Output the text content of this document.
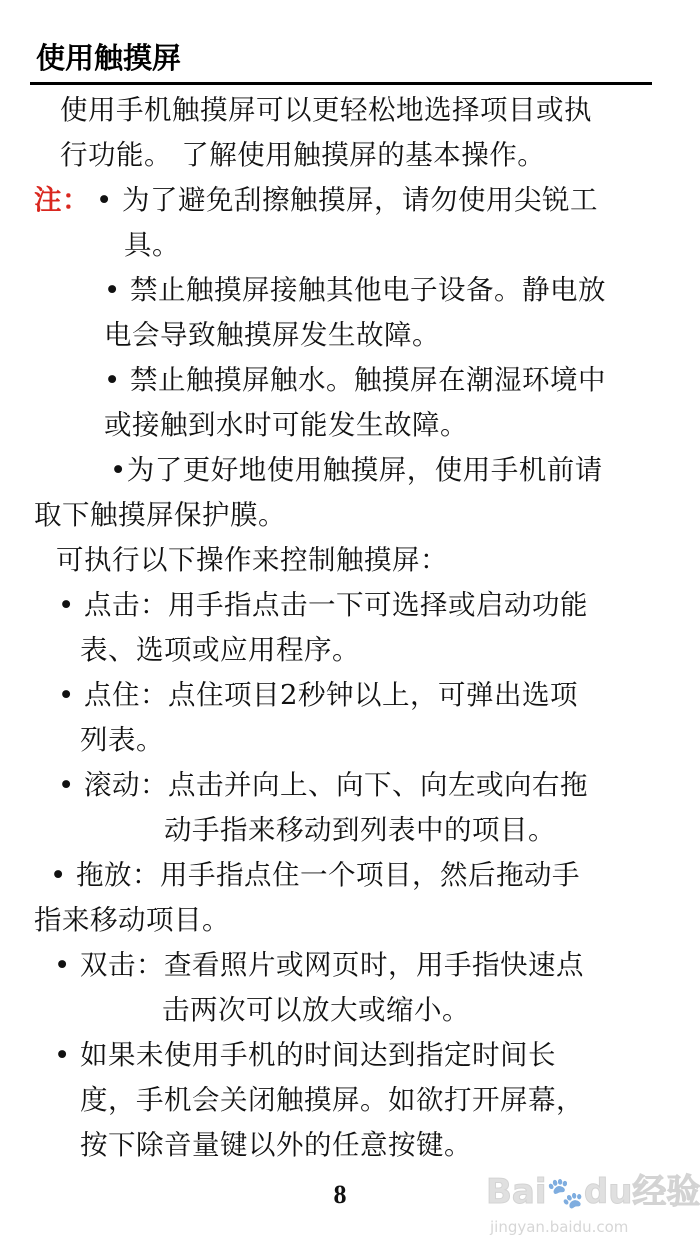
使用触摸屏
使用手机触摸屏可以更轻松地选择项目或执
行功能。 了解使用触摸屏的基本操作。
注： • 为了避免刮擦触摸屏，请勿使用尖锐工
具。
• 禁止触摸屏接触其他电子设备。静电放
电会导致触摸屏发生故障。
• 禁止触摸屏触水。触摸屏在潮湿环境中
或接触到水时可能发生故障。
•为了更好地使用触摸屏，使用手机前请
取下触摸屏保护膜。
可执行以下操作来控制触摸屏：
• 点击：用手指点击一下可选择或启动功能
表、选项或应用程序。
• 点住：点住项目2秒钟以上，可弹出选项
列表。
• 滚动：点击并向上、向下、向左或向右拖
动手指来移动到列表中的项目。
• 拖放：用手指点住一个项目，然后拖动手
指来移动项目。
• 双击：查看照片或网页时，用手指快速点
击两次可以放大或缩小。
• 如果未使用手机的时间达到指定时间长
度，手机会关闭触摸屏。如欲打开屏幕，
按下除音量键以外的任意按键。
8	Bai🐾du经验
jingyan.baidu.com
